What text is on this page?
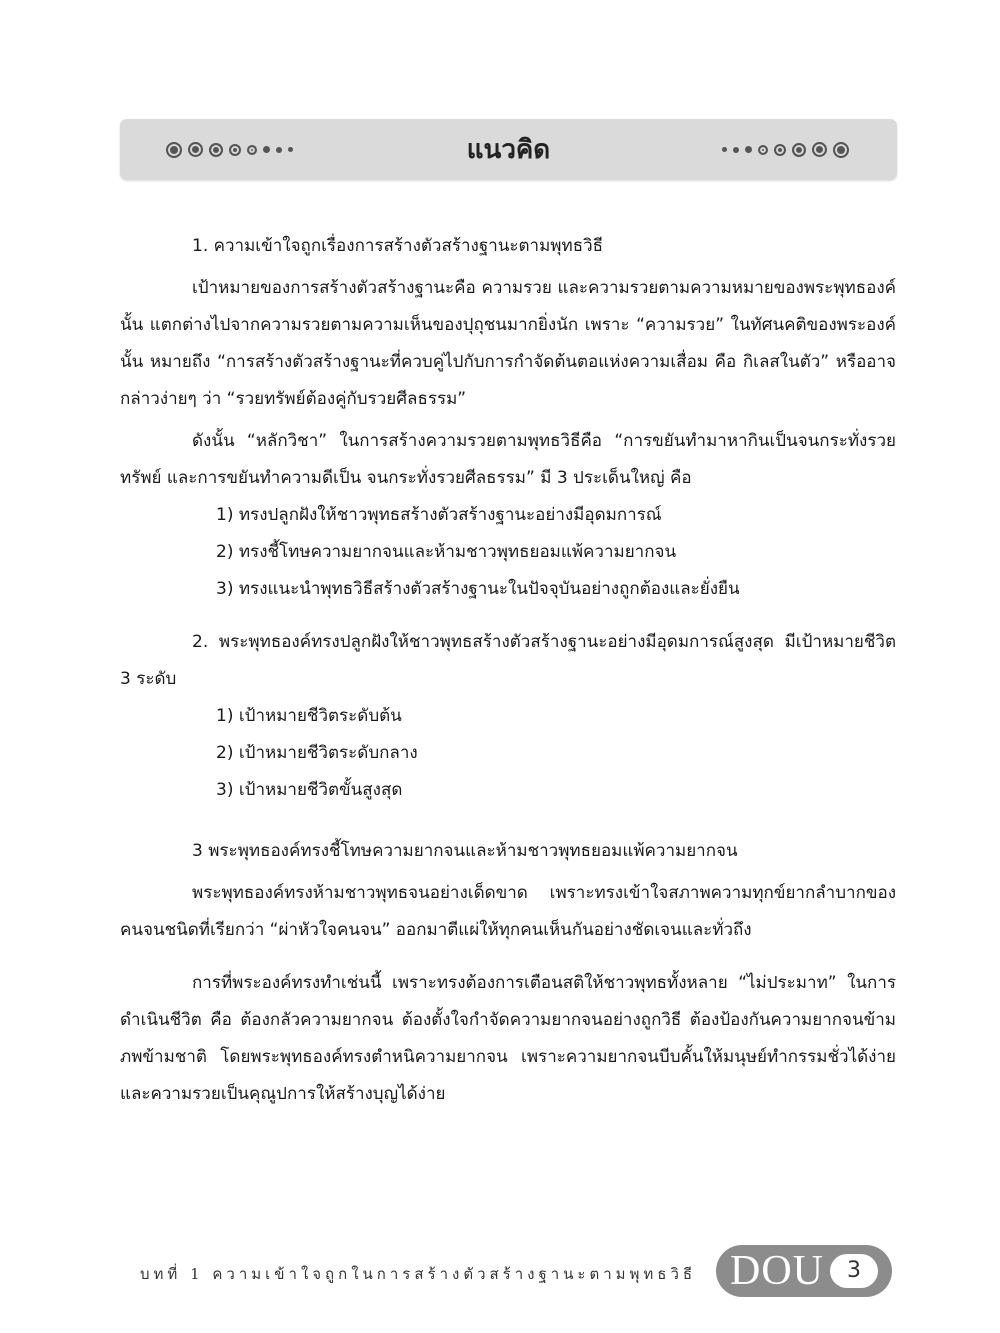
แนวคิด

1. ความเข้าใจถูกเรื่องการสร้างตัวสร้างฐานะตามพุทธวิธี

เป้าหมายของการสร้างตัวสร้างฐานะคือ ความรวย และความรวยตามความหมายของพระพุทธองค์นั้น แตกต่างไปจากความรวยตามความเห็นของปุถุชนมากยิ่งนัก เพราะ “ความรวย” ในทัศนคติของพระองค์นั้น หมายถึง “การสร้างตัวสร้างฐานะที่ควบคู่ไปกับการกำจัดต้นตอแห่งความเสื่อม คือ กิเลสในตัว” หรืออาจกล่าวง่ายๆ ว่า “รวยทรัพย์ต้องคู่กับรวยศีลธรรม”

ดังนั้น “หลักวิชา” ในการสร้างความรวยตามพุทธวิธีคือ “การขยันทำมาหากินเป็นจนกระทั่งรวยทรัพย์ และการขยันทำความดีเป็น จนกระทั่งรวยศีลธรรม” มี 3 ประเด็นใหญ่ คือ

1) ทรงปลูกฝังให้ชาวพุทธสร้างตัวสร้างฐานะอย่างมีอุดมการณ์

2) ทรงชี้โทษความยากจนและห้ามชาวพุทธยอมแพ้ความยากจน

3) ทรงแนะนำพุทธวิธีสร้างตัวสร้างฐานะในปัจจุบันอย่างถูกต้องและยั่งยืน

2. พระพุทธองค์ทรงปลูกฝังให้ชาวพุทธสร้างตัวสร้างฐานะอย่างมีอุดมการณ์สูงสุด มีเป้าหมายชีวิต 3 ระดับ

1) เป้าหมายชีวิตระดับต้น

2) เป้าหมายชีวิตระดับกลาง

3) เป้าหมายชีวิตขั้นสูงสุด

3 พระพุทธองค์ทรงชี้โทษความยากจนและห้ามชาวพุทธยอมแพ้ความยากจน

พระพุทธองค์ทรงห้ามชาวพุทธจนอย่างเด็ดขาด เพราะทรงเข้าใจสภาพความทุกข์ยากลำบากของคนจนชนิดที่เรียกว่า “ผ่าหัวใจคนจน” ออกมาตีแผ่ให้ทุกคนเห็นกันอย่างชัดเจนและทั่วถึง

การที่พระองค์ทรงทำเช่นนี้ เพราะทรงต้องการเตือนสติให้ชาวพุทธทั้งหลาย “ไม่ประมาท” ในการดำเนินชีวิต คือ ต้องกลัวความยากจน ต้องตั้งใจกำจัดความยากจนอย่างถูกวิธี ต้องป้องกันความยากจนข้ามภพข้ามชาติ โดยพระพุทธองค์ทรงตำหนิความยากจน เพราะความยากจนบีบคั้นให้มนุษย์ทำกรรมชั่วได้ง่าย และความรวยเป็นคุณูปการให้สร้างบุญได้ง่าย

บทที่ 1 ความเข้าใจถูกในการสร้างตัวสร้างฐานะตามพุทธวิธี DOU	3
